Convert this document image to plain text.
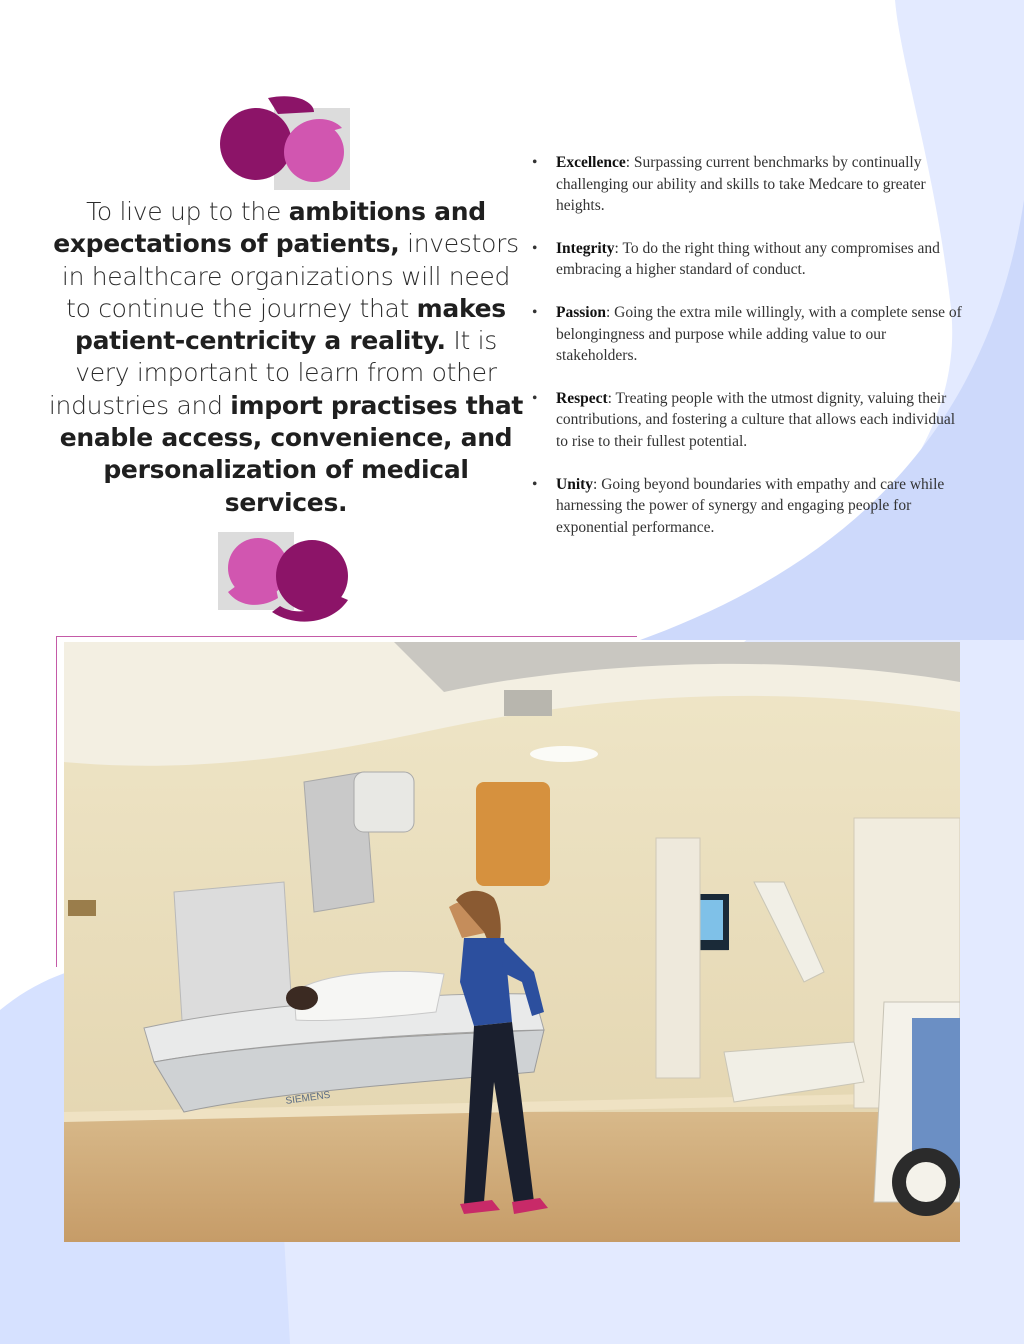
To live up to the ambitions and expectations of patients, investors in healthcare organizations will need to continue the journey that makes patient-centricity a reality. It is very important to learn from other industries and import practises that enable access, convenience, and personalization of medical services.
• Excellence: Surpassing current benchmarks by continually challenging our ability and skills to take Medcare to greater heights.
• Integrity: To do the right thing without any compromises and embracing a higher standard of conduct.
• Passion: Going the extra mile willingly, with a complete sense of belongingness and purpose while adding value to our stakeholders.
• Respect: Treating people with the utmost dignity, valuing their contributions, and fostering a culture that allows each individual to rise to their fullest potential.
• Unity: Going beyond boundaries with empathy and care while harnessing the power of synergy and engaging people for exponential performance.
SIEMENS
